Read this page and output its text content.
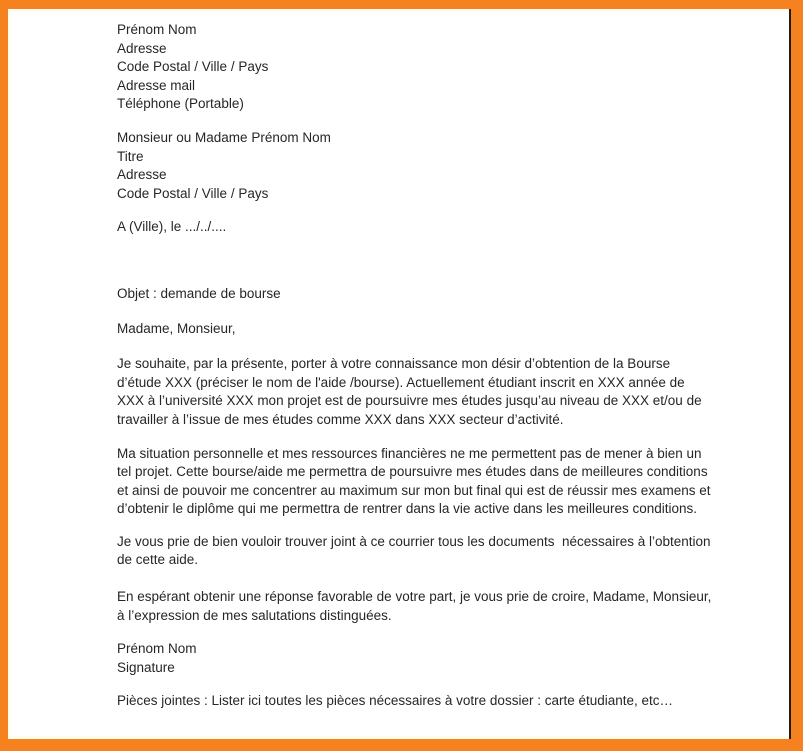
Prénom Nom
Adresse
Code Postal / Ville / Pays
Adresse mail
Téléphone (Portable)
Monsieur ou Madame Prénom Nom
Titre
Adresse
Code Postal / Ville / Pays
A (Ville), le .../../....
Objet : demande de bourse
Madame, Monsieur,
Je souhaite, par la présente, porter à votre connaissance mon désir d’obtention de la Bourse d’étude XXX (préciser le nom de l'aide /bourse). Actuellement étudiant inscrit en XXX année de XXX à l’université XXX mon projet est de poursuivre mes études jusqu’au niveau de XXX et/ou de travailler à l’issue de mes études comme XXX dans XXX secteur d’activité.
Ma situation personnelle et mes ressources financières ne me permettent pas de mener à bien un tel projet. Cette bourse/aide me permettra de poursuivre mes études dans de meilleures conditions et ainsi de pouvoir me concentrer au maximum sur mon but final qui est de réussir mes examens et d’obtenir le diplôme qui me permettra de rentrer dans la vie active dans les meilleures conditions.
Je vous prie de bien vouloir trouver joint à ce courrier tous les documents  nécessaires à l’obtention de cette aide.
En espérant obtenir une réponse favorable de votre part, je vous prie de croire, Madame, Monsieur, à l’expression de mes salutations distinguées.
Prénom Nom
Signature
Pièces jointes : Lister ici toutes les pièces nécessaires à votre dossier : carte étudiante, etc…
